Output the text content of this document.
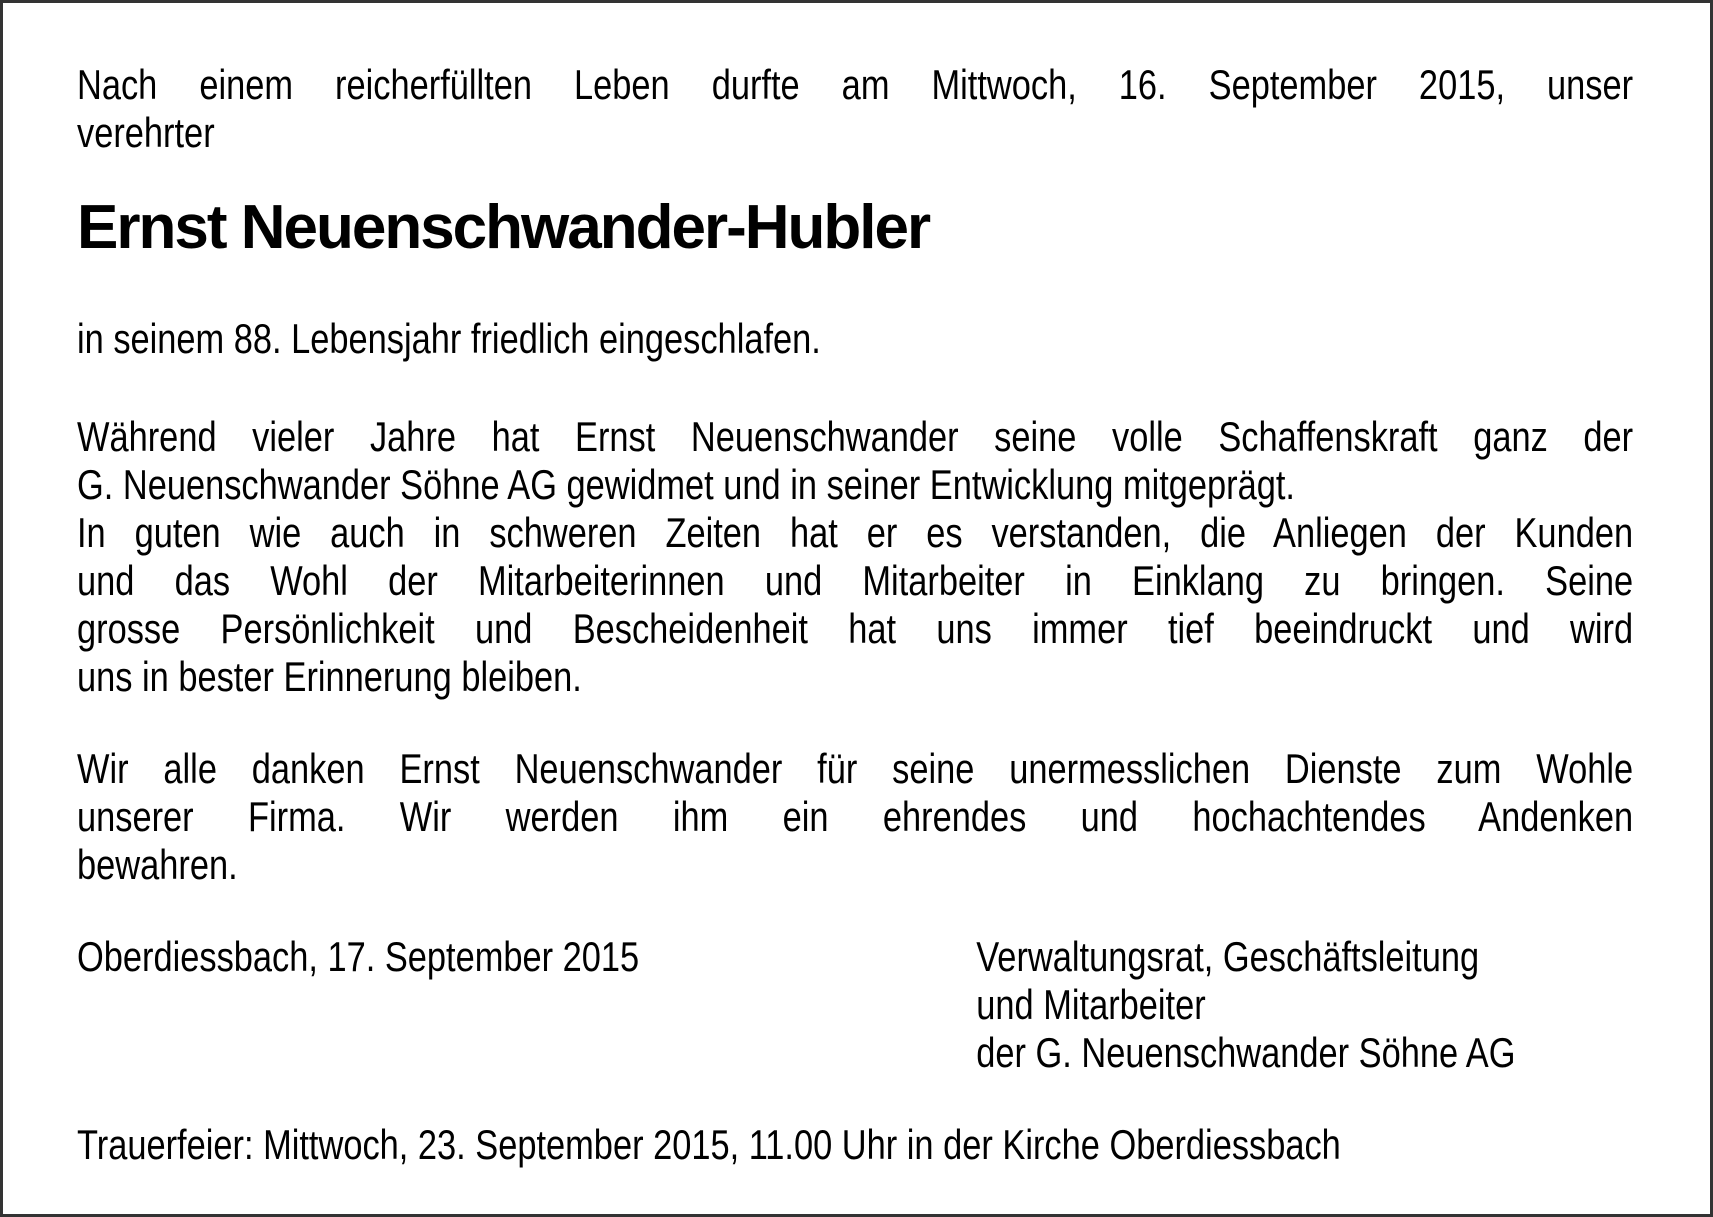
Nach einem reicherfüllten Leben durfte am Mittwoch, 16. September 2015, unser
verehrter
Ernst Neuenschwander-Hubler
in seinem 88. Lebensjahr friedlich eingeschlafen.
Während vieler Jahre hat Ernst Neuenschwander seine volle Schaffenskraft ganz der
G. Neuenschwander Söhne AG gewidmet und in seiner Entwicklung mitgeprägt.
In guten wie auch in schweren Zeiten hat er es verstanden, die Anliegen der Kunden
und das Wohl der Mitarbeiterinnen und Mitarbeiter in Einklang zu bringen. Seine
grosse Persönlichkeit und Bescheidenheit hat uns immer tief beeindruckt und wird
uns in bester Erinnerung bleiben.
Wir alle danken Ernst Neuenschwander für seine unermesslichen Dienste zum Wohle
unserer Firma. Wir werden ihm ein ehrendes und hochachtendes Andenken
bewahren.
Oberdiessbach, 17. September 2015	Verwaltungsrat, Geschäftsleitung
und Mitarbeiter
der G. Neuenschwander Söhne AG
Trauerfeier: Mittwoch, 23. September 2015, 11.00 Uhr in der Kirche Oberdiessbach
